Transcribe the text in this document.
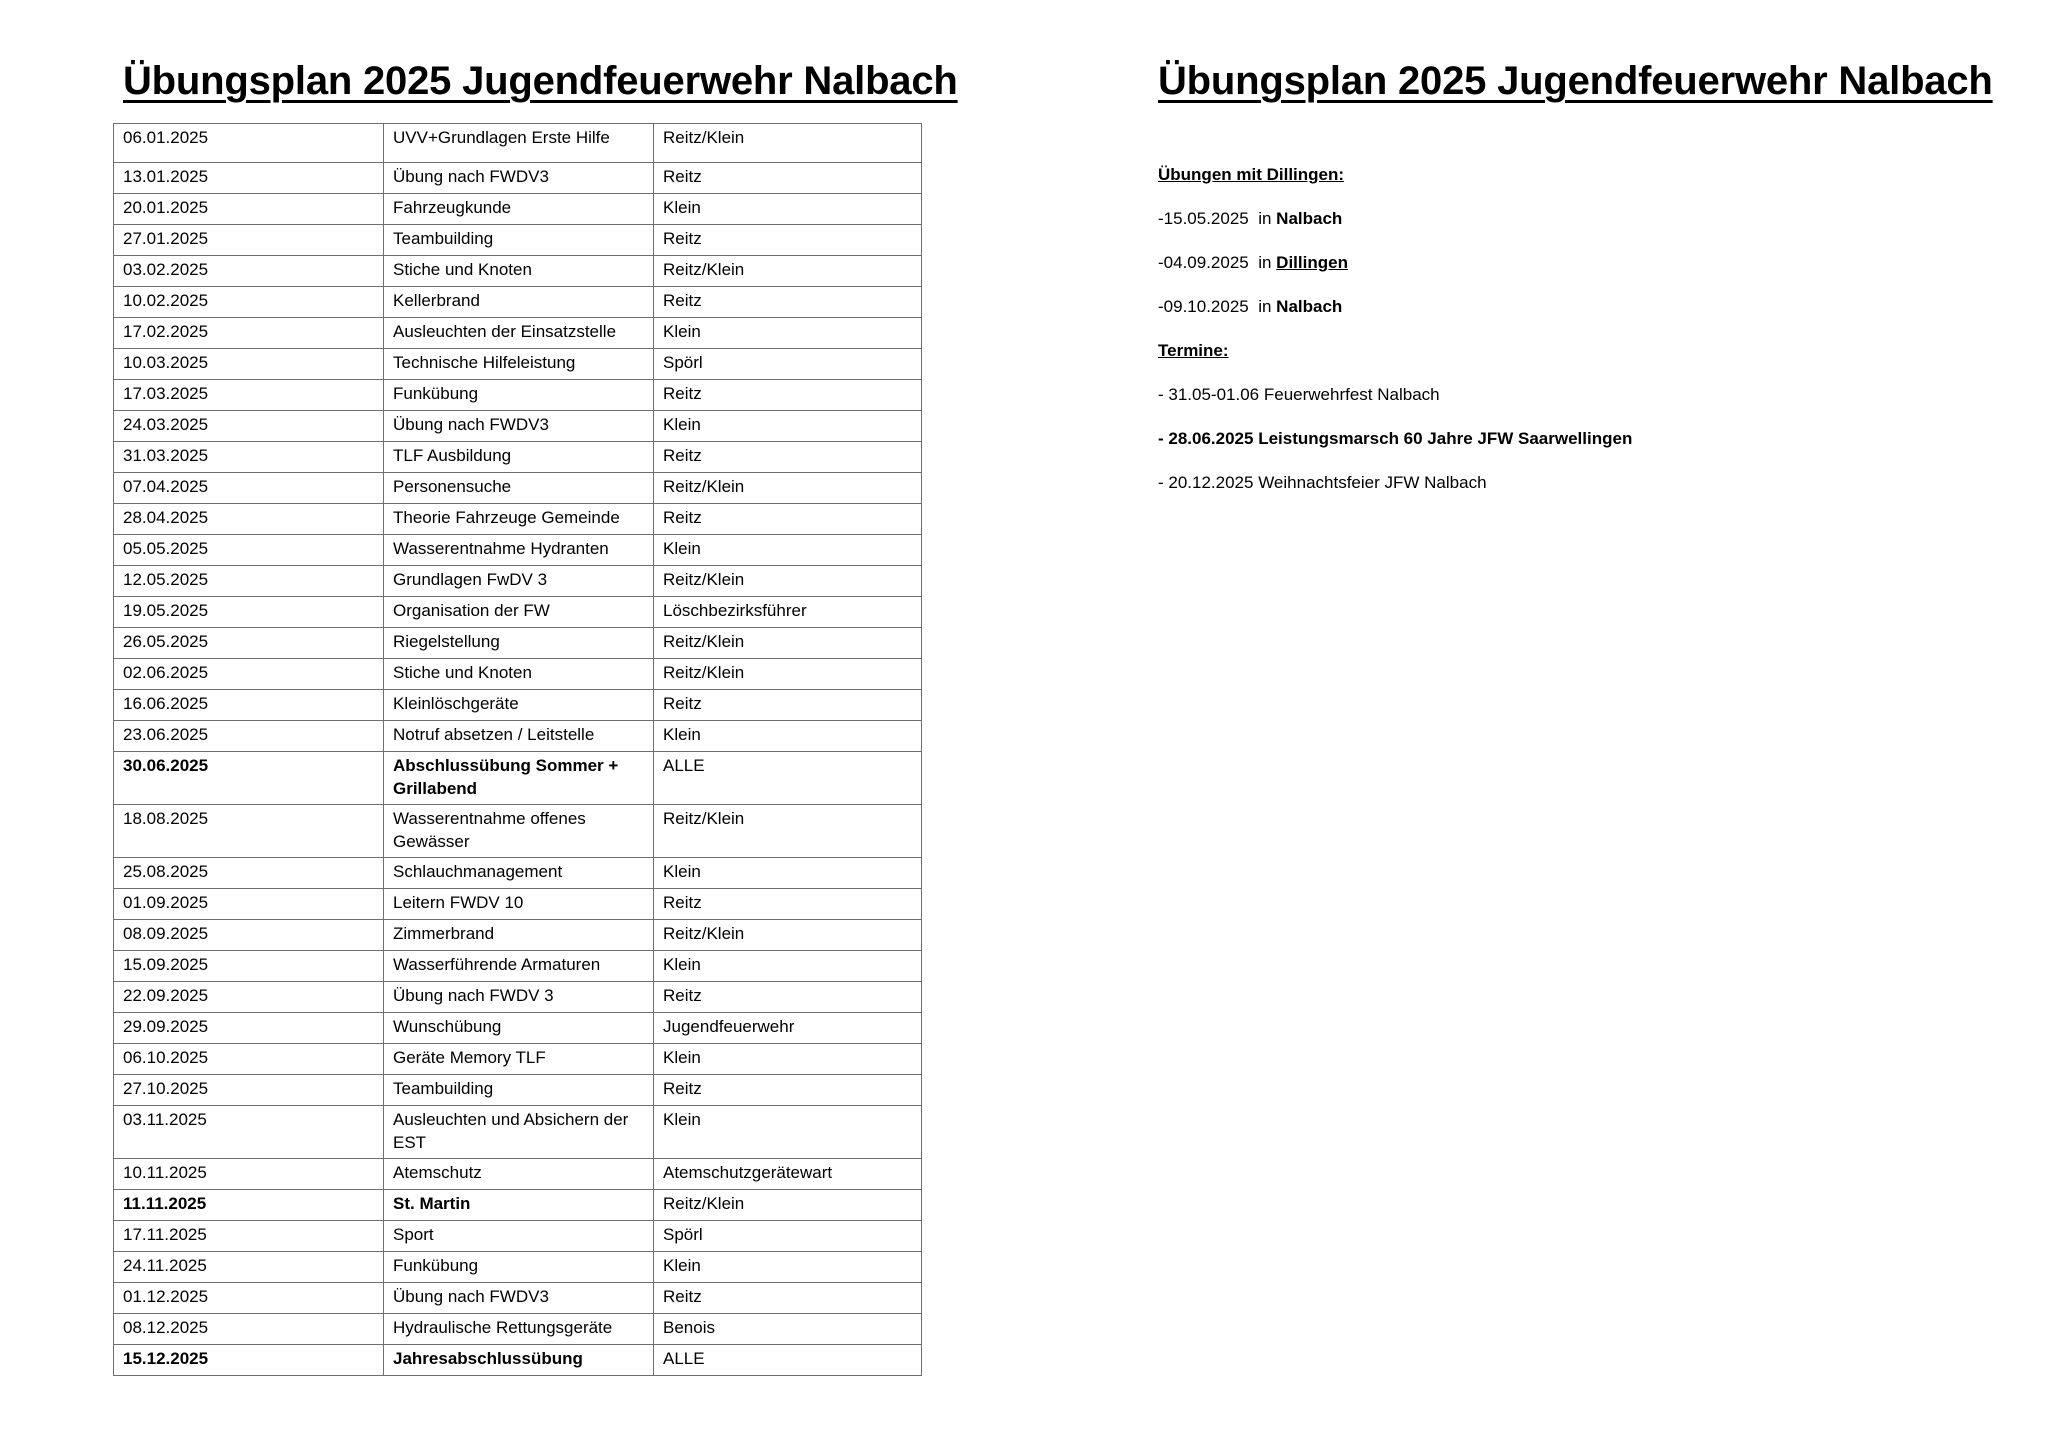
Übungsplan 2025 Jugendfeuerwehr Nalbach
06.01.2025	UVV+Grundlagen Erste Hilfe	Reitz/Klein
13.01.2025	Übung nach FWDV3	Reitz
20.01.2025	Fahrzeugkunde	Klein
27.01.2025	Teambuilding	Reitz
03.02.2025	Stiche und Knoten	Reitz/Klein
10.02.2025	Kellerbrand	Reitz
17.02.2025	Ausleuchten der Einsatzstelle	Klein
10.03.2025	Technische Hilfeleistung	Spörl
17.03.2025	Funkübung	Reitz
24.03.2025	Übung nach FWDV3	Klein
31.03.2025	TLF Ausbildung	Reitz
07.04.2025	Personensuche	Reitz/Klein
28.04.2025	Theorie Fahrzeuge Gemeinde	Reitz
05.05.2025	Wasserentnahme Hydranten	Klein
12.05.2025	Grundlagen FwDV 3	Reitz/Klein
19.05.2025	Organisation der FW	Löschbezirksführer
26.05.2025	Riegelstellung	Reitz/Klein
02.06.2025	Stiche und Knoten	Reitz/Klein
16.06.2025	Kleinlöschgeräte	Reitz
23.06.2025	Notruf absetzen / Leitstelle	Klein
30.06.2025	Abschlussübung Sommer + Grillabend	ALLE
18.08.2025	Wasserentnahme offenes Gewässer	Reitz/Klein
25.08.2025	Schlauchmanagement	Klein
01.09.2025	Leitern FWDV 10	Reitz
08.09.2025	Zimmerbrand	Reitz/Klein
15.09.2025	Wasserführende Armaturen	Klein
22.09.2025	Übung nach FWDV 3	Reitz
29.09.2025	Wunschübung	Jugendfeuerwehr
06.10.2025	Geräte Memory TLF	Klein
27.10.2025	Teambuilding	Reitz
03.11.2025	Ausleuchten und Absichern der EST	Klein
10.11.2025	Atemschutz	Atemschutzgerätewart
11.11.2025	St. Martin	Reitz/Klein
17.11.2025	Sport	Spörl
24.11.2025	Funkübung	Klein
01.12.2025	Übung nach FWDV3	Reitz
08.12.2025	Hydraulische Rettungsgeräte	Benois
15.12.2025	Jahresabschlussübung	ALLE
Übungsplan 2025 Jugendfeuerwehr Nalbach
Übungen mit Dillingen:
-15.05.2025 in Nalbach
-04.09.2025 in Dillingen
-09.10.2025 in Nalbach
Termine:
- 31.05-01.06 Feuerwehrfest Nalbach
- 28.06.2025 Leistungsmarsch 60 Jahre JFW Saarwellingen
- 20.12.2025 Weihnachtsfeier JFW Nalbach
